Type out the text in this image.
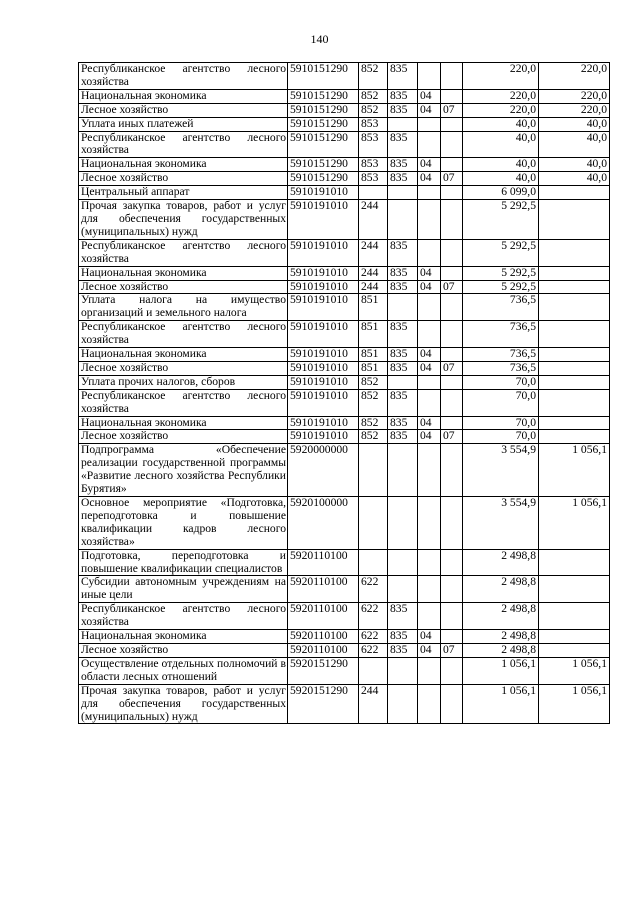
140
Республиканское агентство лесного хозяйства	5910151290	852	835			220,0	220,0
Национальная экономика	5910151290	852	835	04		220,0	220,0
Лесное хозяйство	5910151290	852	835	04	07	220,0	220,0
Уплата иных платежей	5910151290	853				40,0	40,0
Республиканское агентство лесного хозяйства	5910151290	853	835			40,0	40,0
Национальная экономика	5910151290	853	835	04		40,0	40,0
Лесное хозяйство	5910151290	853	835	04	07	40,0	40,0
Центральный аппарат	5910191010					6 099,0	
Прочая закупка товаров, работ и услуг для обеспечения государственных (муниципальных) нужд	5910191010	244				5 292,5	
Республиканское агентство лесного хозяйства	5910191010	244	835			5 292,5	
Национальная экономика	5910191010	244	835	04		5 292,5	
Лесное хозяйство	5910191010	244	835	04	07	5 292,5	
Уплата налога на имущество организаций и земельного налога	5910191010	851				736,5	
Республиканское агентство лесного хозяйства	5910191010	851	835			736,5	
Национальная экономика	5910191010	851	835	04		736,5	
Лесное хозяйство	5910191010	851	835	04	07	736,5	
Уплата прочих налогов, сборов	5910191010	852				70,0	
Республиканское агентство лесного хозяйства	5910191010	852	835			70,0	
Национальная экономика	5910191010	852	835	04		70,0	
Лесное хозяйство	5910191010	852	835	04	07	70,0	
Подпрограмма «Обеспечение реализации государственной программы «Развитие лесного хозяйства Республики Бурятия»	5920000000					3 554,9	1 056,1
Основное мероприятие «Подготовка, переподготовка и повышение квалификации кадров лесного хозяйства»	5920100000					3 554,9	1 056,1
Подготовка, переподготовка и повышение квалификации специалистов	5920110100					2 498,8	
Субсидии автономным учреждениям на иные цели	5920110100	622				2 498,8	
Республиканское агентство лесного хозяйства	5920110100	622	835			2 498,8	
Национальная экономика	5920110100	622	835	04		2 498,8	
Лесное хозяйство	5920110100	622	835	04	07	2 498,8	
Осуществление отдельных полномочий в области лесных отношений	5920151290					1 056,1	1 056,1
Прочая закупка товаров, работ и услуг для обеспечения государственных (муниципальных) нужд	5920151290	244				1 056,1	1 056,1
